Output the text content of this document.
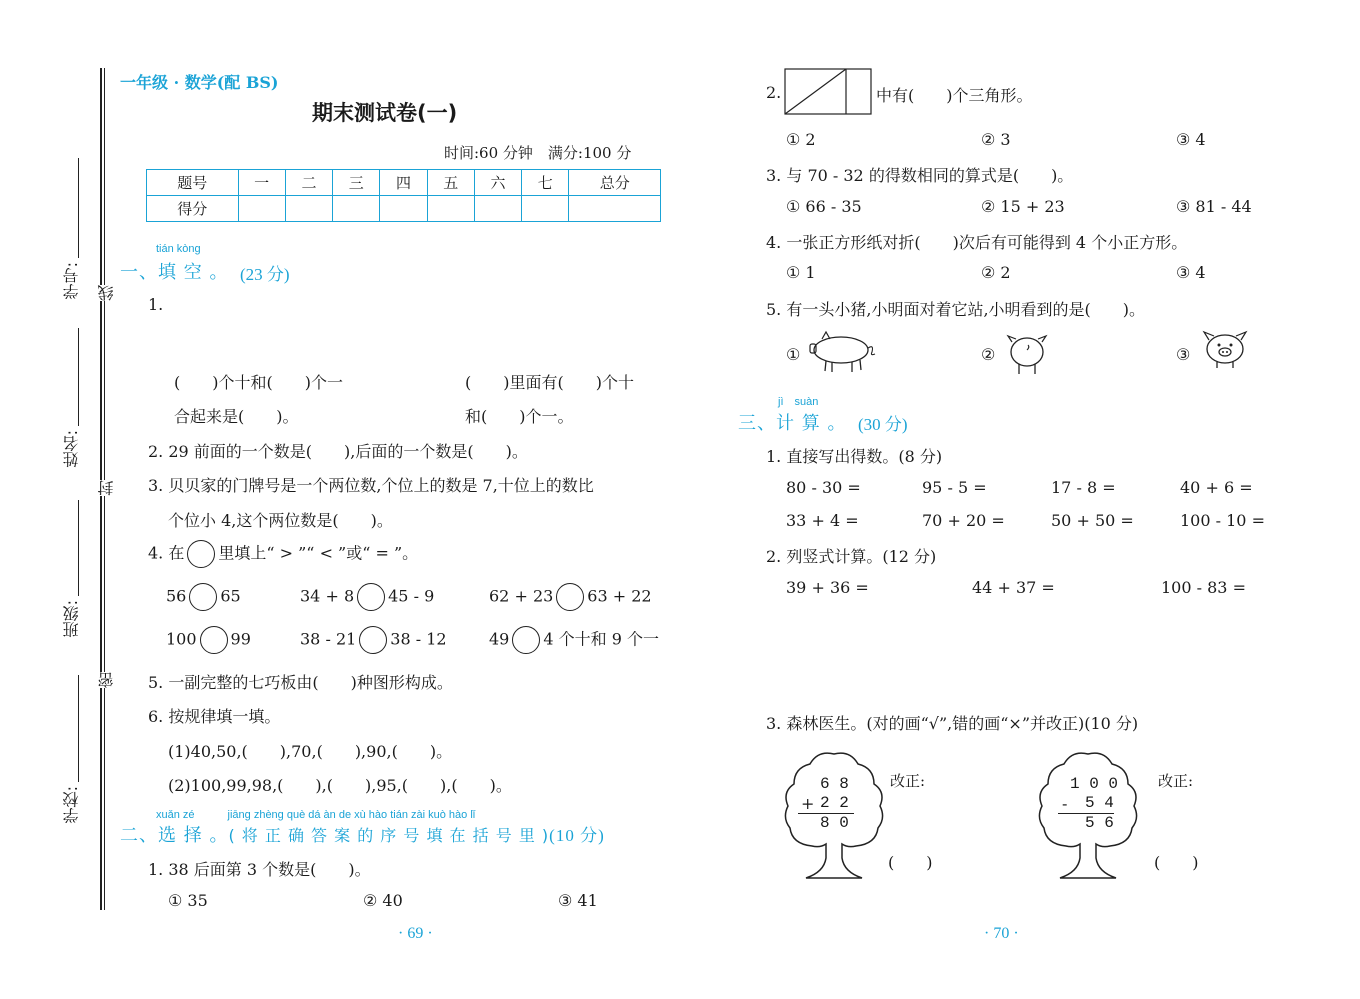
学号:
姓名:
班级:
学校:
线
封
密
一年级 · 数学(配 BS)
期末测试卷(一)
时间:60 分钟　满分:100 分
题号	一	二	三	四	五	六	七	总分
得分								
tián kòng
一、填 空 。 (23 分)
1.
(　　)个十和(　　)个一
合起来是(　　)。
(　　)里面有(　　)个十
和(　　)个一。
2. 29 前面的一个数是(　　),后面的一个数是(　　)。
3. 贝贝家的门牌号是一个两位数,个位上的数是 7,十位上的数比
个位小 4,这个两位数是(　　)。
4. 在 里填上“ > ”“ < ”或“ = ”。
56 65	34 + 8 45 - 9	62 + 23 63 + 22
100 99	38 - 21 38 - 12	49 4 个十和 9 个一
5. 一副完整的七巧板由(　　)种图形构成。
6. 按规律填一填。
(1)40,50,(　　),70,(　　),90,(　　)。
(2)100,99,98,(　　),(　　),95,(　　),(　　)。
xuǎn zé　　　jiāng zhèng què dá àn de xù hào tián zài kuò hào lǐ
二、选 择 。( 将 正 确 答 案 的 序 号 填 在 括 号 里 )(10 分)
1. 38 后面第 3 个数是(　　)。
① 35	② 40	③ 41
· 69 ·
2.	中有(　　)个三角形。
① 2	② 3	③ 4
3. 与 70 - 32 的得数相同的算式是(　　)。
① 66 - 35	② 15 + 23	③ 81 - 44
4. 一张正方形纸对折(　　)次后有可能得到 4 个小正方形。
① 1	② 2	③ 4
5. 有一头小猪,小明面对着它站,小明看到的是(　　)。
①	②	③
jì　suàn
三、计 算 。 (30 分)
1. 直接写出得数。(8 分)
80 - 30 =	95 - 5 =	17 - 8 =	40 + 6 =
33 + 4 =	70 + 20 =	50 + 50 =	100 - 10 =
2. 列竖式计算。(12 分)
39 + 36 =	44 + 37 =	100 - 83 =
3. 森林医生。(对的画“√”,错的画“×”并改正)(10 分)
6 8
+ 2 2
8 0
改正:
(　　)
1 0 0
- 5 4
5 6
改正:
(　　)
· 70 ·
